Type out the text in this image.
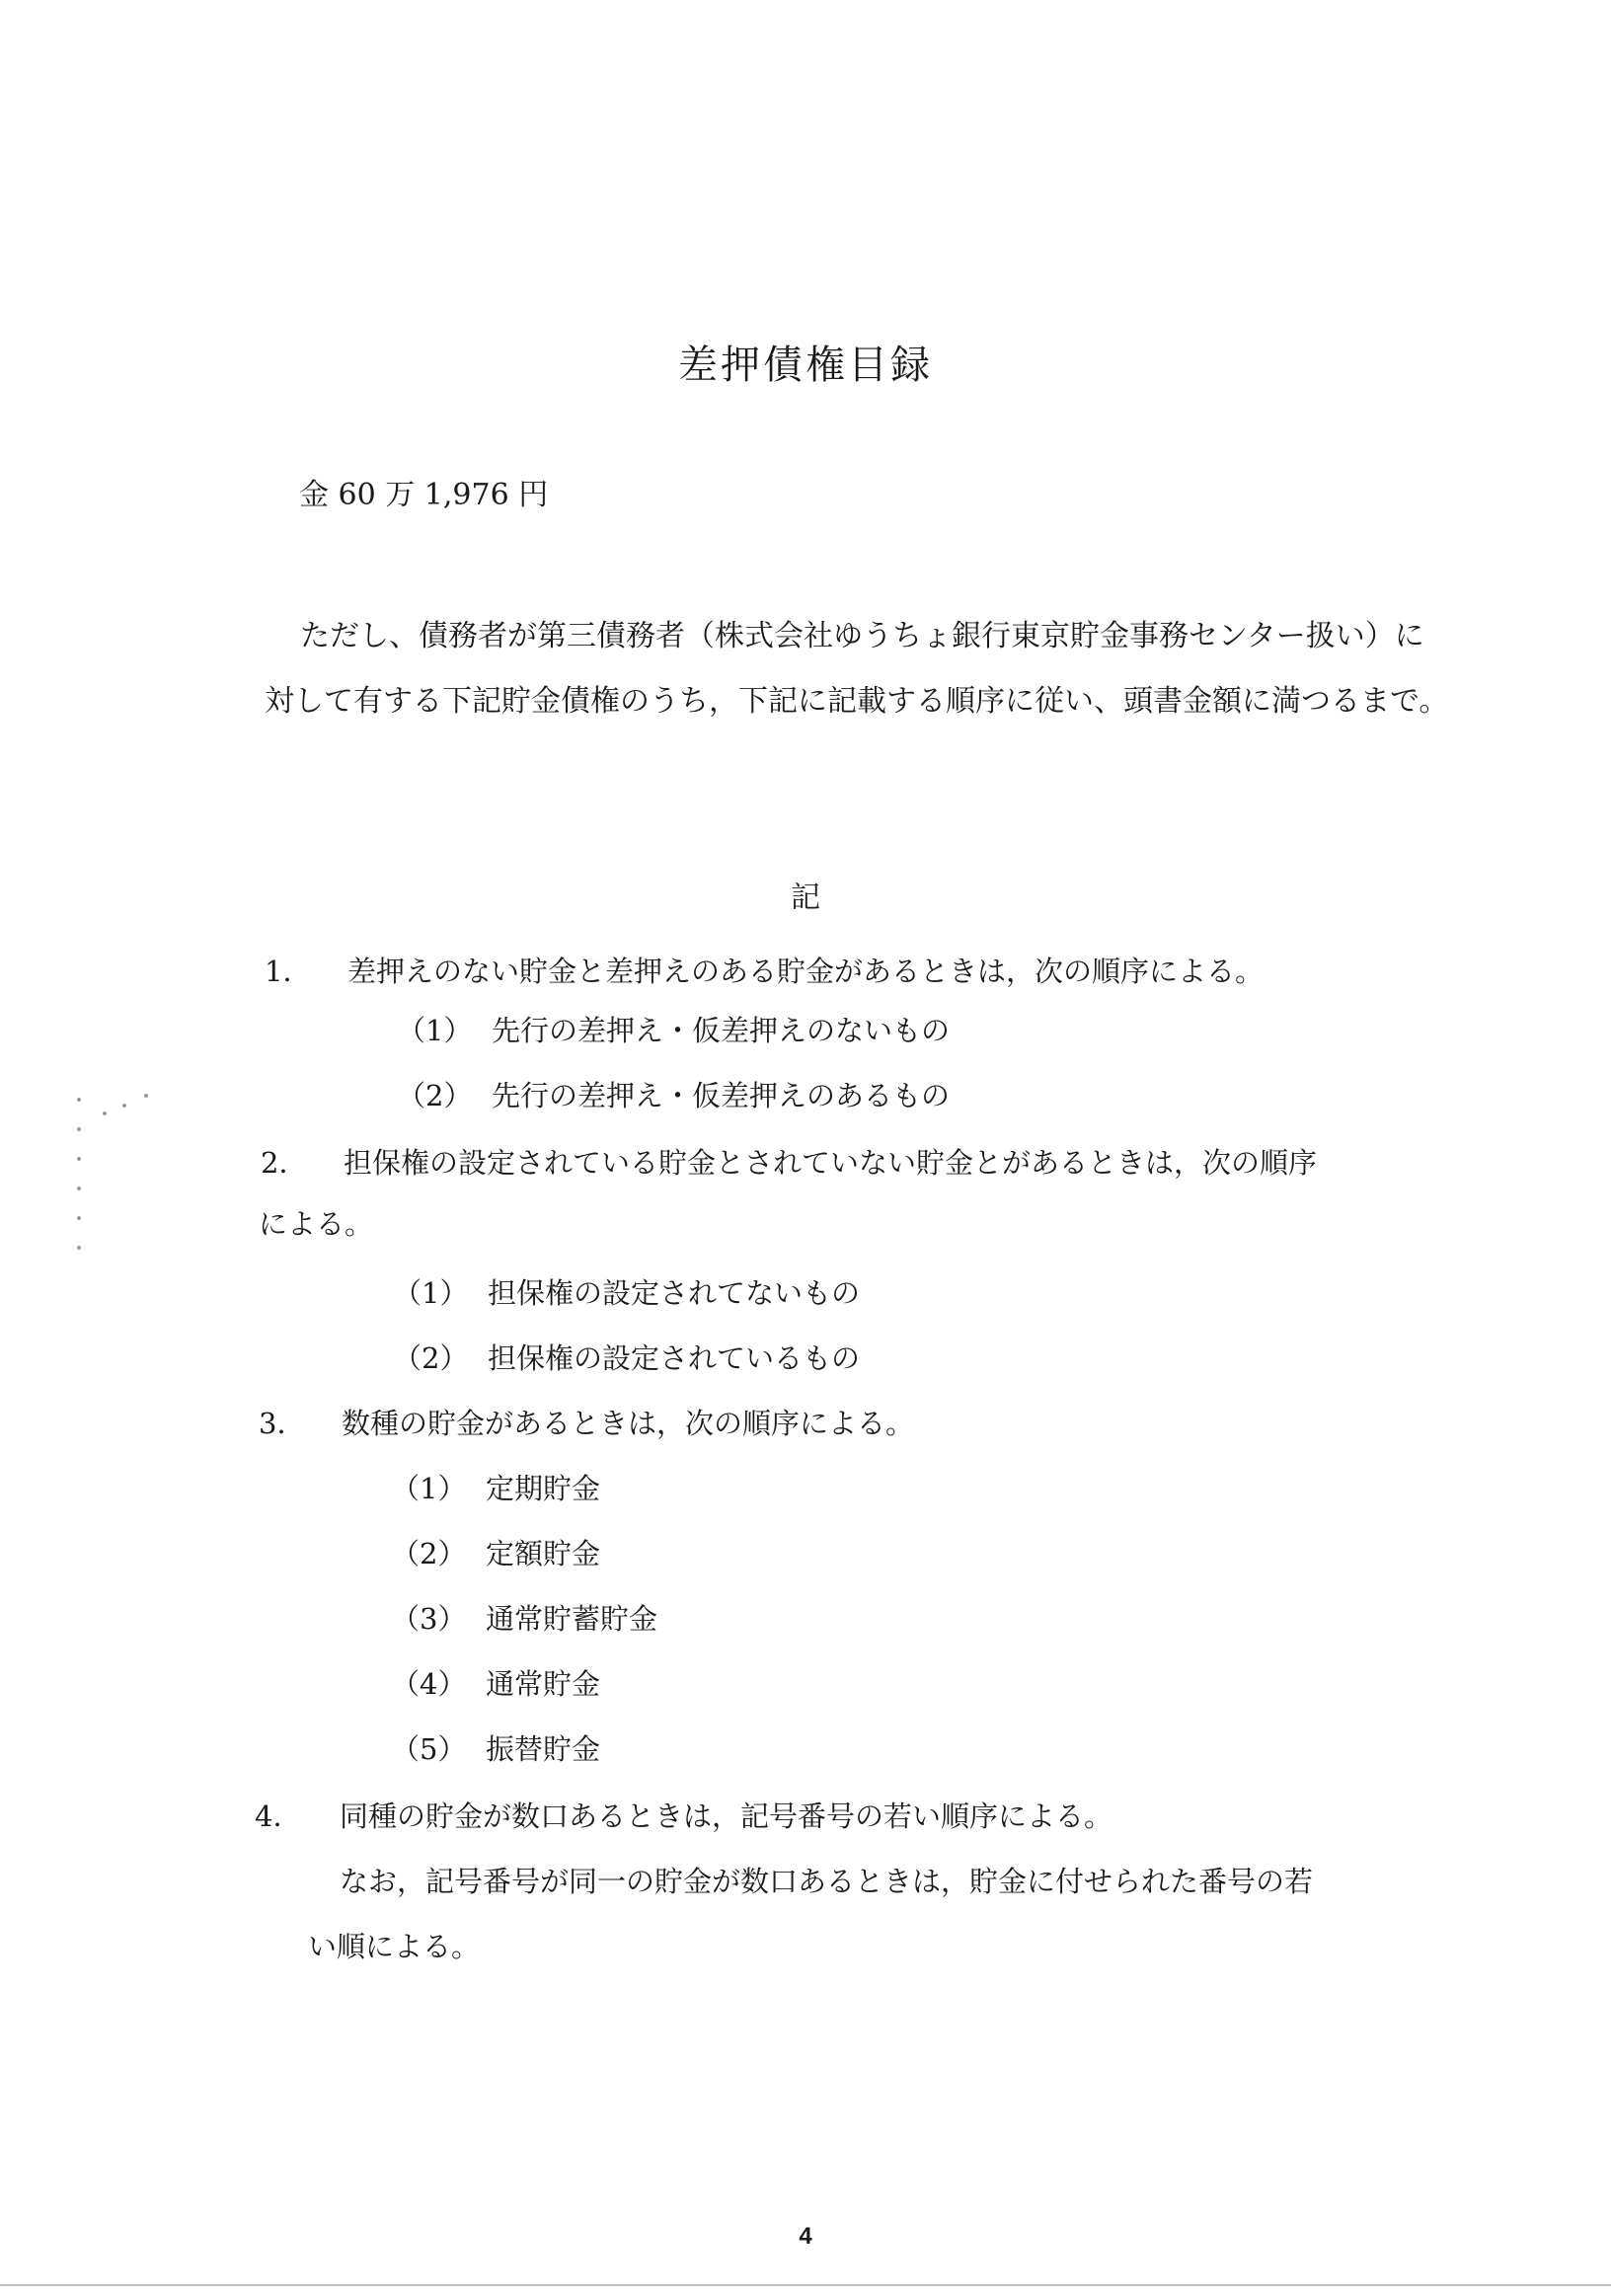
差押債権目録
金 60 万 1,976 円
ただし、債務者が第三債務者（株式会社ゆうちょ銀行東京貯金事務センター扱い）に対して有する下記貯金債権のうち，下記に記載する順序に従い、頭書金額に満つるまで。
記
1． 差押えのない貯金と差押えのある貯金があるときは，次の順序による。
（1） 先行の差押え・仮差押えのないもの
（2） 先行の差押え・仮差押えのあるもの
2． 担保権の設定されている貯金とされていない貯金とがあるときは，次の順序
による。
（1） 担保権の設定されてないもの
（2） 担保権の設定されているもの
3． 数種の貯金があるときは，次の順序による。
（1） 定期貯金
（2） 定額貯金
（3） 通常貯蓄貯金
（4） 通常貯金
（5） 振替貯金
4． 同種の貯金が数口あるときは，記号番号の若い順序による。
なお，記号番号が同一の貯金が数口あるときは，貯金に付せられた番号の若
い順による。
4
